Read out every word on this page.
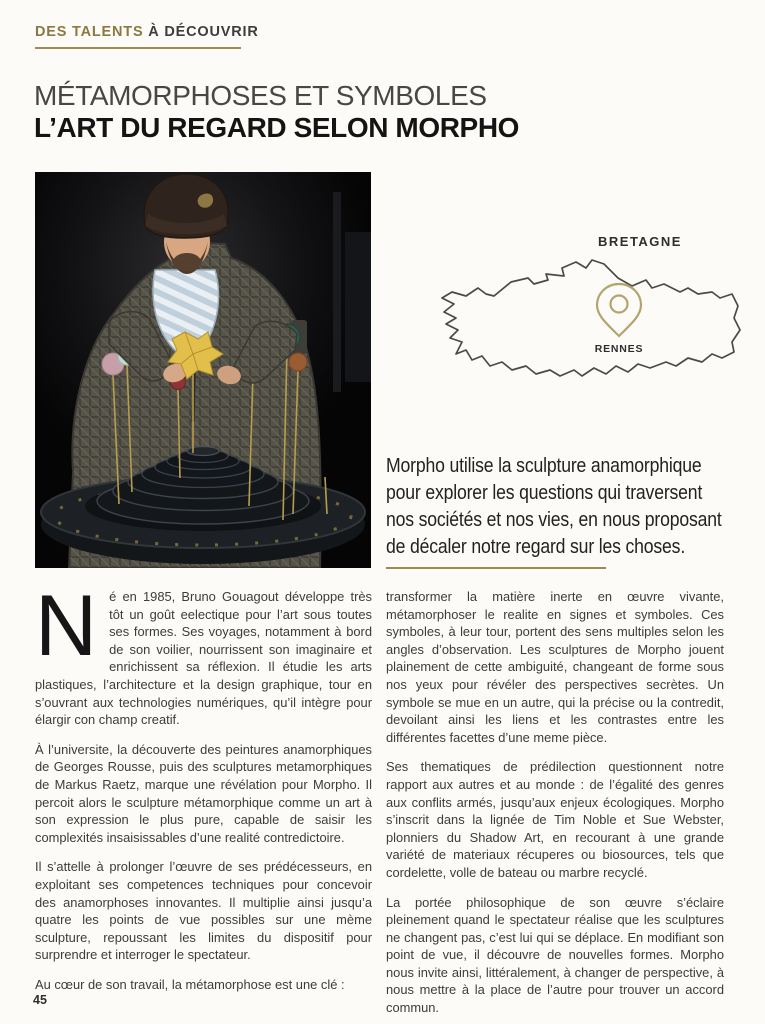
DES TALENTS À DÉCOUVRIR
MÉTAMORPHOSES ET SYMBOLES
L’ART DU REGARD SELON MORPHO
BRETAGNE
RENNES
Morpho utilise la sculpture anamorphique
pour explorer les questions qui traversent
nos sociétés et nos vies, en nous proposant
de décaler notre regard sur les choses.

Né en 1985, Bruno Gouagout développe très tôt un goût eelectique pour l’art sous toutes ses formes. Ses voyages, notamment à bord de son voilier, nourrissent son imaginaire et enrichissent sa réflexion. Il étudie les arts plastiques, l’architecture et la design graphique, tour en s’ouvrant aux technologies numériques, qu’il intègre pour élargir con champ creatif.

À l’universite, la découverte des peintures anamorphiques de Georges Rousse, puis des sculptures metamorphiques de Markus Raetz, marque une révélation pour Morpho. Il percoit alors le sculpture métamorphique comme un art à son expression le plus pure, capable de saisir les complexités insaisissables d’une realité contredictoire.

Il s’attelle à prolonger l’œuvre de ses prédécesseurs, en exploitant ses competences techniques pour concevoir des anamorphoses innovantes. Il multiplie ainsi jusqu’a quatre les points de vue possibles sur une mème sculpture, repoussant les limites du dispositif pour surprendre et interroger le spectateur.

Au cœur de son travail, la métamorphose est une clé :

transformer la matière inerte en œuvre vivante, métamorphoser le realite en signes et symboles. Ces symboles, à leur tour, portent des sens multiples selon les angles d’observation. Les sculptures de Morpho jouent plainement de cette ambiguité, changeant de forme sous nos yeux pour révéler des perspectives secrètes. Un symbole se mue en un autre, qui la précise ou la contredit, devoilant ainsi les liens et les contrastes entre les différentes facettes d’une meme pièce.

Ses thematiques de prédilection questionnent notre rapport aux autres et au monde : de l’égalité des genres aux conflits armés, jusqu’aux enjeux écologiques. Morpho s’inscrit dans la lignée de Tim Noble et Sue Webster, plonniers du Shadow Art, en recourant à une grande variété de materiaux récuperes ou biosources, tels que cordelette, volle de bateau ou marbre recyclé.

La portée philosophique de son œuvre s’éclaire pleinement quand le spectateur réalise que les sculptures ne changent pas, c’est lui qui se déplace. En modifiant son point de vue, il découvre de nouvelles formes. Morpho nous invite ainsi, littéralement, à changer de perspective, à nous mettre à la place de l’autre pour trouver un accord commun.

45
